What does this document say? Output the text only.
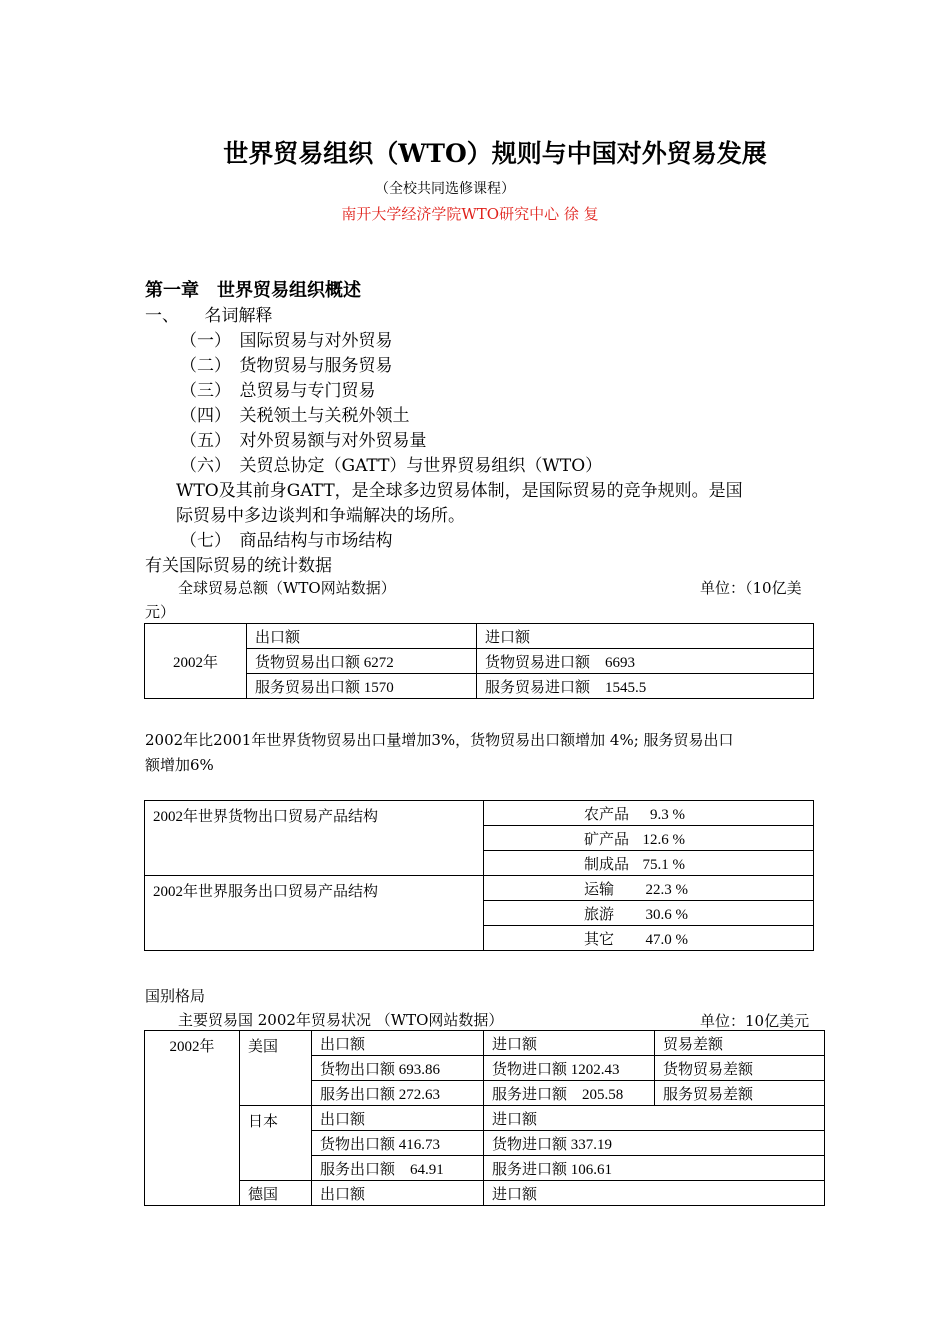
世界贸易组织（WTO）规则与中国对外贸易发展
（全校共同选修课程）
南开大学经济学院WTO研究中心 徐 复
第一章　世界贸易组织概述
一、　　名词解释
（一）　国际贸易与对外贸易
（二）　货物贸易与服务贸易
（三）　总贸易与专门贸易
（四）　关税领土与关税外领土
（五）　对外贸易额与对外贸易量
（六）　关贸总协定（GATT）与世界贸易组织（WTO）
WTO及其前身GATT，是全球多边贸易体制，是国际贸易的竞争规则。是国
际贸易中多边谈判和争端解决的场所。
（七）　商品结构与市场结构
有关国际贸易的统计数据
全球贸易总额（WTO网站数据）	单位：（10亿美
元）
2002年	出口额	进口额
	货物贸易出口额 6272	货物贸易进口额　6693
	服务贸易出口额 1570	服务贸易进口额　1545.5
2002年比2001年世界货物贸易出口量增加3%，货物贸易出口额增加 4%; 服务贸易出口
额增加6%
2002年世界货物出口贸易产品结构	农产品 9.3 %
	矿产品 12.6 %
	制成品 75.1 %
2002年世界服务出口贸易产品结构	运输 22.3 %
	旅游 30.6 %
	其它 47.0 %
国别格局
主要贸易国 2002年贸易状况 （WTO网站数据）	单位：10亿美元
2002年	美国	出口额	进口额	贸易差额
		货物出口额 693.86	货物进口额 1202.43	货物贸易差额
		服务出口额 272.63	服务进口额　205.58	服务贸易差额
	日本	出口额	进口额	
		货物出口额 416.73	货物进口额 337.19	
		服务出口额　64.91	服务进口额 106.61	
	德国	出口额	进口额	
